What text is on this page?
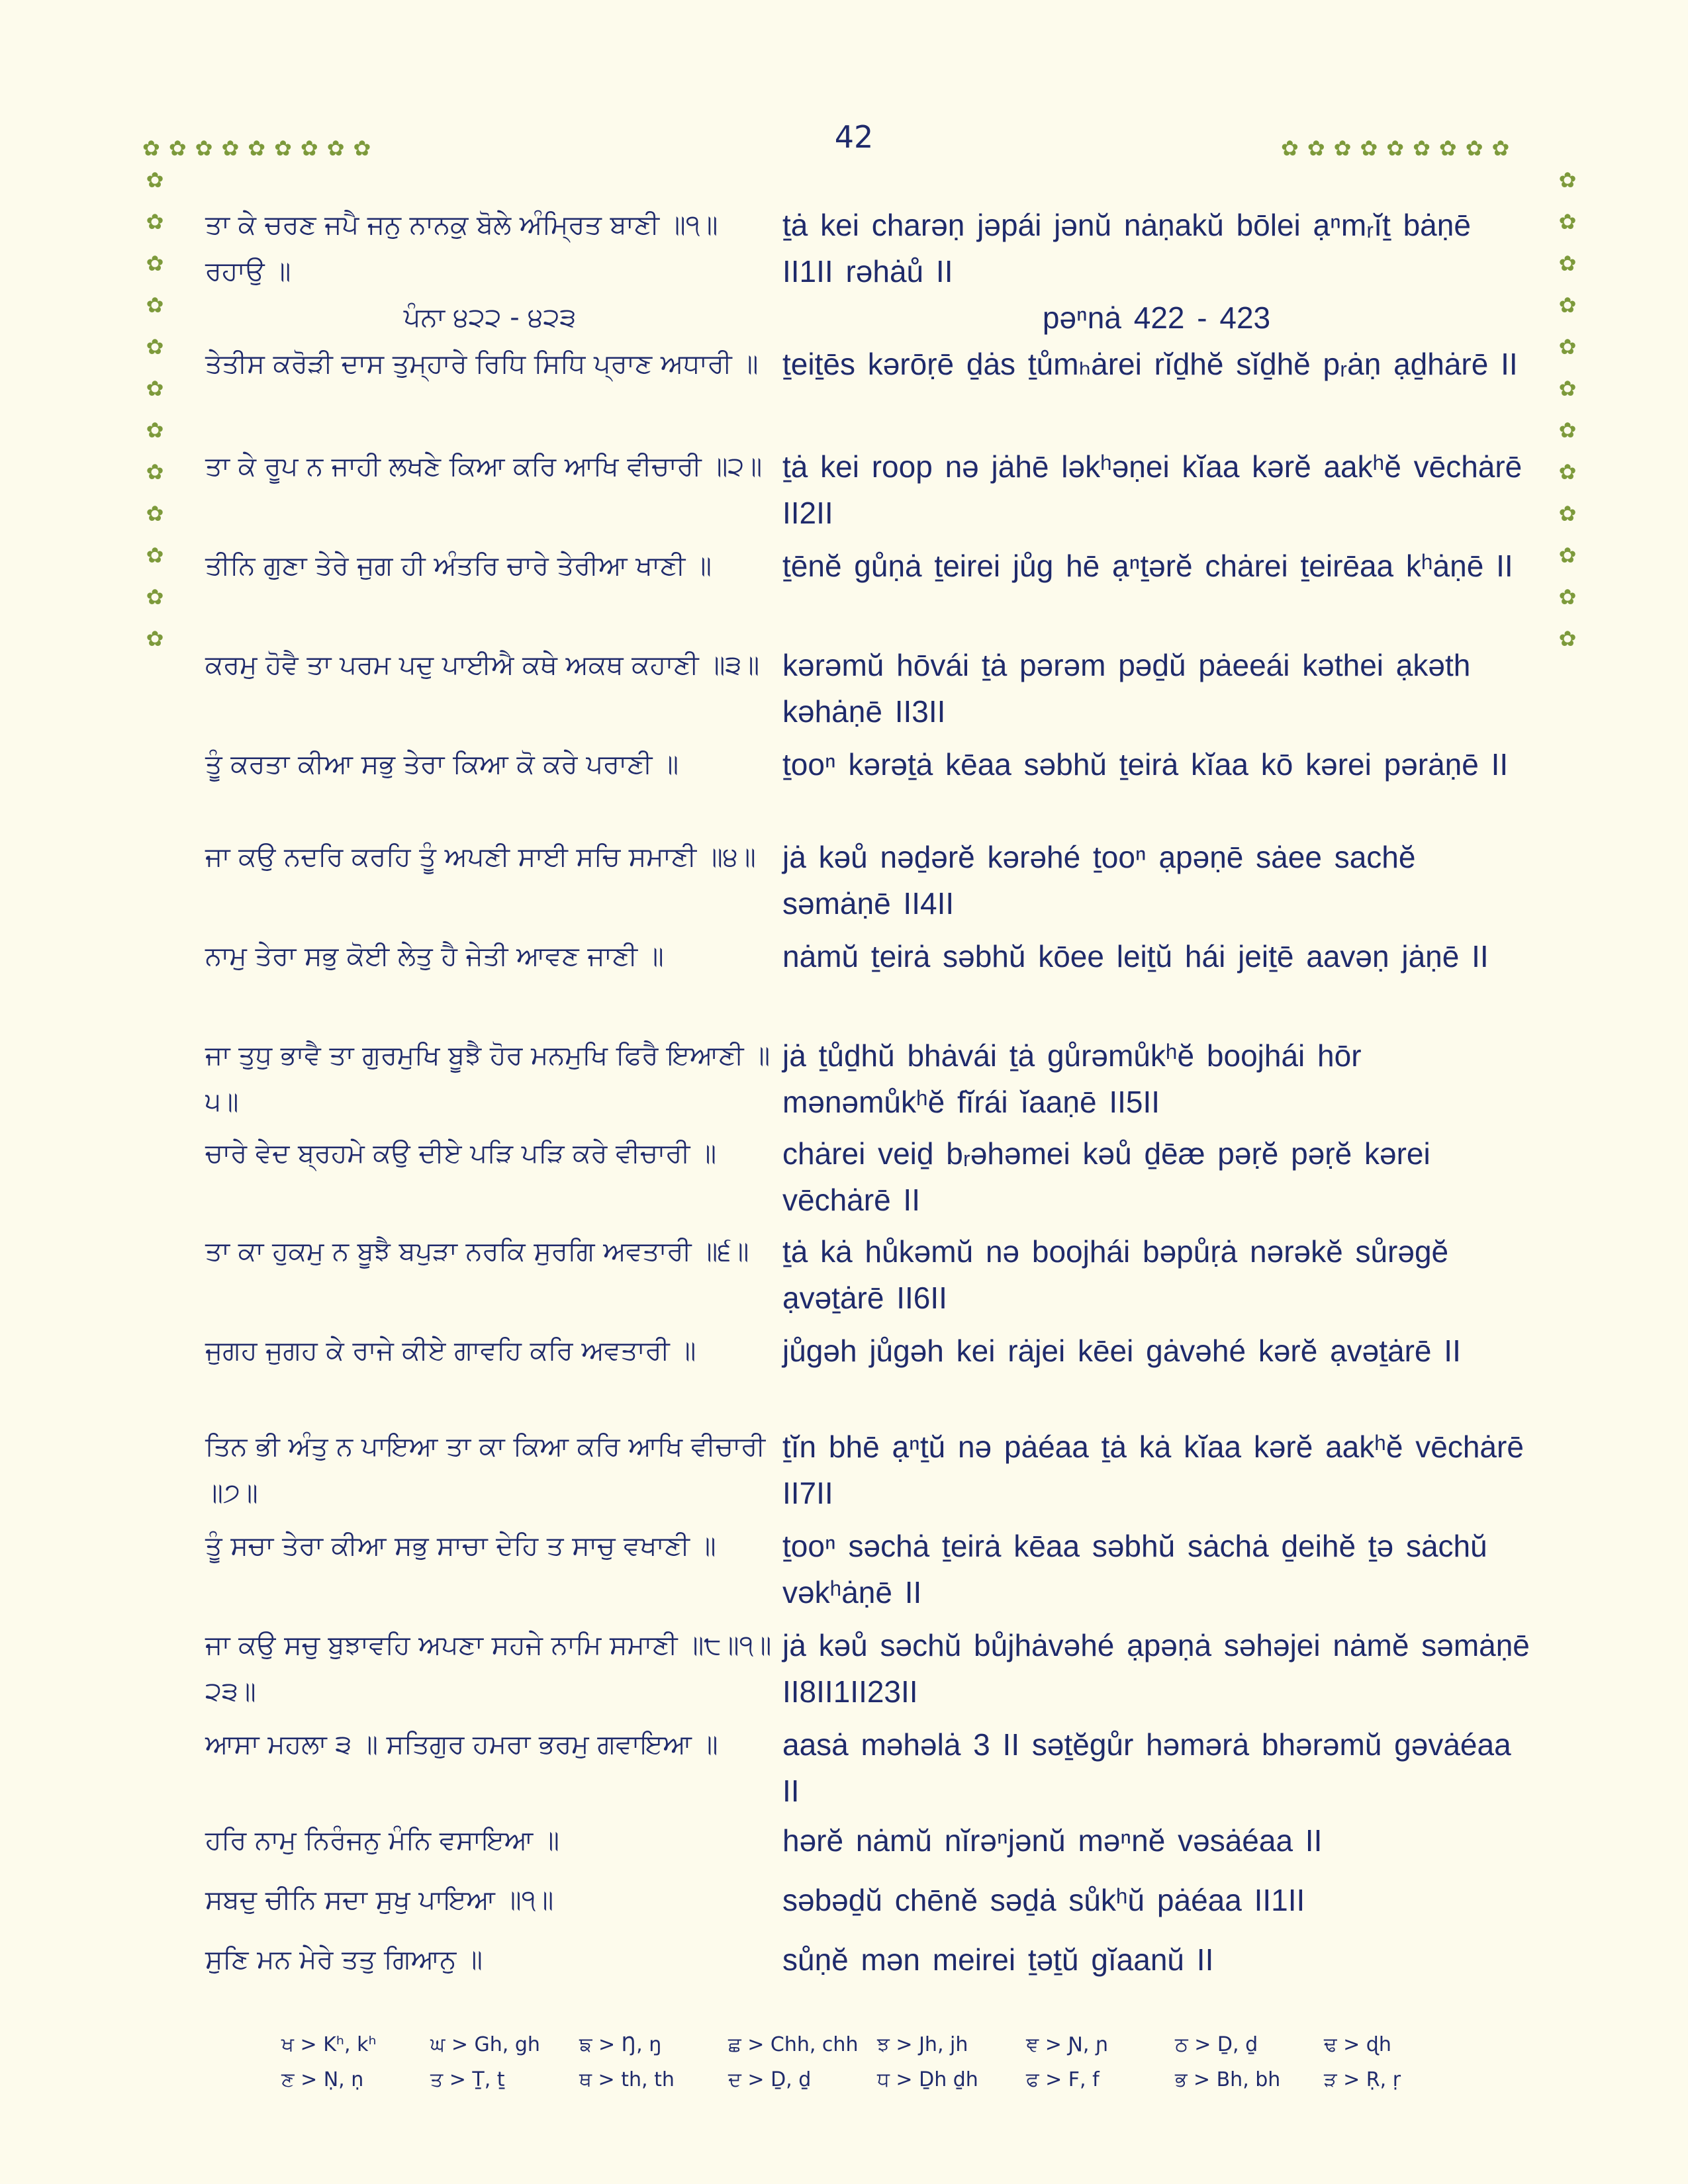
42
✿✿✿✿✿✿✿✿✿	✿✿✿✿✿✿✿✿✿
✿
✿
✿
✿
✿
✿
✿
✿
✿
✿
✿
✿
✿
✿
✿
✿
✿
✿
✿
✿
✿
✿
✿
✿
ਤਾ ਕੇ ਚਰਣ ਜਪੈ ਜਨੁ ਨਾਨਕੁ ਬੋਲੇ ਅੰਮ੍ਰਿਤ ਬਾਣੀ ॥੧॥ ਰਹਾਉ ॥
ṯȧ kei charəṇ jəpái jənŭ nȧṇakŭ bōlei ạⁿmᵣĭṯ bȧṇē II1II rəhȧů II
ਪੰਨਾ ੪੨੨ - ੪੨੩	pəⁿnȧ 422 - 423
ਤੇਤੀਸ ਕਰੋੜੀ ਦਾਸ ਤੁਮ੍ਹਾਰੇ ਰਿਧਿ ਸਿਧਿ ਪ੍ਰਾਣ ਅਧਾਰੀ ॥ ṯeiṯēs kərōṛē ḏȧs ṯůmₕȧrei rĭḏhĕ sĭḏhĕ pᵣȧṇ ạḏhȧrē II
ਤਾ ਕੇ ਰੂਪ ਨ ਜਾਹੀ ਲਖਣੇ ਕਿਆ ਕਰਿ ਆਖਿ ਵੀਚਾਰੀ ॥੨॥ ṯȧ kei roop nə jȧhē ləkʰəṇei kĭaa kərĕ aakʰĕ vēchȧrē II2II
ਤੀਨਿ ਗੁਣਾ ਤੇਰੇ ਜੁਗ ਹੀ ਅੰਤਰਿ ਚਾਰੇ ਤੇਰੀਆ ਖਾਣੀ ॥	ṯēnĕ gůṇȧ ṯeirei jůg hē ạⁿṯərĕ chȧrei ṯeirēaa kʰȧṇē II
ਕਰਮੁ ਹੋਵੈ ਤਾ ਪਰਮ ਪਦੁ ਪਾਈਐ ਕਥੇ ਅਕਥ ਕਹਾਣੀ ॥੩॥ kərəmŭ hōvái ṯȧ pərəm pəḏŭ pȧeeái kəthei ạkəth kəhȧṇē II3II
ਤੂੰ ਕਰਤਾ ਕੀਆ ਸਭੁ ਤੇਰਾ ਕਿਆ ਕੋ ਕਰੇ ਪਰਾਣੀ ॥	ṯooⁿ kərəṯȧ kēaa səbhŭ ṯeirȧ kĭaa kō kərei pərȧṇē II
ਜਾ ਕਉ ਨਦਰਿ ਕਰਹਿ ਤੂੰ ਅਪਣੀ ਸਾਈ ਸਚਿ ਸਮਾਣੀ ॥੪॥ jȧ kəů nəḏərĕ kərəhé ṯooⁿ ạpəṇē sȧee sachĕ səmȧṇē II4II
ਨਾਮੁ ਤੇਰਾ ਸਭੁ ਕੋਈ ਲੇਤੁ ਹੈ ਜੇਤੀ ਆਵਣ ਜਾਣੀ ॥	nȧmŭ ṯeirȧ səbhŭ kōee leiṯŭ hái jeiṯē aavəṇ jȧṇē II
ਜਾ ਤੁਧੁ ਭਾਵੈ ਤਾ ਗੁਰਮੁਖਿ ਬੂਝੈ ਹੋਰ ਮਨਮੁਖਿ ਫਿਰੈ ਇਆਣੀ ॥੫॥
jȧ ṯůḏhŭ bhȧvái ṯȧ gůrəmůkʰĕ boojhái hōr mənəmůkʰĕ fĭrái ĭaaṇē II5II
ਚਾਰੇ ਵੇਦ ਬ੍ਰਹਮੇ ਕਉ ਦੀਏ ਪੜਿ ਪੜਿ ਕਰੇ ਵੀਚਾਰੀ ॥	chȧrei veiḏ bᵣəhəmei kəů ḏēæ pəṛĕ pəṛĕ kərei vēchȧrē II
ਤਾ ਕਾ ਹੁਕਮੁ ਨ ਬੂਝੈ ਬਪੁੜਾ ਨਰਕਿ ਸੁਰਗਿ ਅਵਤਾਰੀ ॥੬॥	ṯȧ kȧ hůkəmŭ nə boojhái bəpůṛȧ nərəkĕ sůrəgĕ ạvəṯȧrē II6II
ਜੁਗਹ ਜੁਗਹ ਕੇ ਰਾਜੇ ਕੀਏ ਗਾਵਹਿ ਕਰਿ ਅਵਤਾਰੀ ॥	jůgəh jůgəh kei rȧjei kēei gȧvəhé kərĕ ạvəṯȧrē II
ਤਿਨ ਭੀ ਅੰਤੁ ਨ ਪਾਇਆ ਤਾ ਕਾ ਕਿਆ ਕਰਿ ਆਖਿ ਵੀਚਾਰੀ ॥੭॥
ṯĭn bhē ạⁿṯŭ nə pȧéaa ṯȧ kȧ kĭaa kərĕ aakʰĕ vēchȧrē II7II
ਤੂੰ ਸਚਾ ਤੇਰਾ ਕੀਆ ਸਭੁ ਸਾਚਾ ਦੇਹਿ ਤ ਸਾਚੁ ਵਖਾਣੀ ॥	ṯooⁿ səchȧ ṯeirȧ kēaa səbhŭ sȧchȧ ḏeihĕ ṯə sȧchŭ vəkʰȧṇē II
ਜਾ ਕਉ ਸਚੁ ਬੁਝਾਵਹਿ ਅਪਣਾ ਸਹਜੇ ਨਾਮਿ ਸਮਾਣੀ ॥੮॥੧॥੨੩॥
jȧ kəů səchŭ bůjhȧvəhé ạpəṇȧ səhəjei nȧmĕ səmȧṇē II8II1II23II
ਆਸਾ ਮਹਲਾ ੩ ॥ ਸਤਿਗੁਰ ਹਮਰਾ ਭਰਮੁ ਗਵਾਇਆ ॥	aasȧ məhəlȧ 3 II səṯĕgůr həmərȧ bhərəmŭ gəvȧéaa II
ਹਰਿ ਨਾਮੁ ਨਿਰੰਜਨੁ ਮੰਨਿ ਵਸਾਇਆ ॥	hərĕ nȧmŭ nĭrəⁿjənŭ məⁿnĕ vəsȧéaa II
ਸਬਦੁ ਚੀਨਿ ਸਦਾ ਸੁਖੁ ਪਾਇਆ ॥੧॥	səbəḏŭ chēnĕ səḏȧ sůkʰŭ pȧéaa II1II
ਸੁਣਿ ਮਨ ਮੇਰੇ ਤਤੁ ਗਿਆਨੁ ॥	sůṇĕ mən meirei ṯəṯŭ gĭaanŭ II
ਖ > Kʰ, kʰ	ਘ > Gh, gh	ਙ > Ŋ, ŋ	ਛ > Chh, chh ਝ > Jh, jh	ਞ > Ɲ, ɲ	ਠ > Ḏ, ḏ	ਢ > ɖh
ਣ > Ṇ, ṇ	ਤ > Ṯ, ṯ	ਥ > th, th	ਦ > Ḏ, ḏ	ਧ > Ḏh ḏh	ਫ > F, f	ਭ > Bh, bh	ੜ > Ṛ, ṛ
